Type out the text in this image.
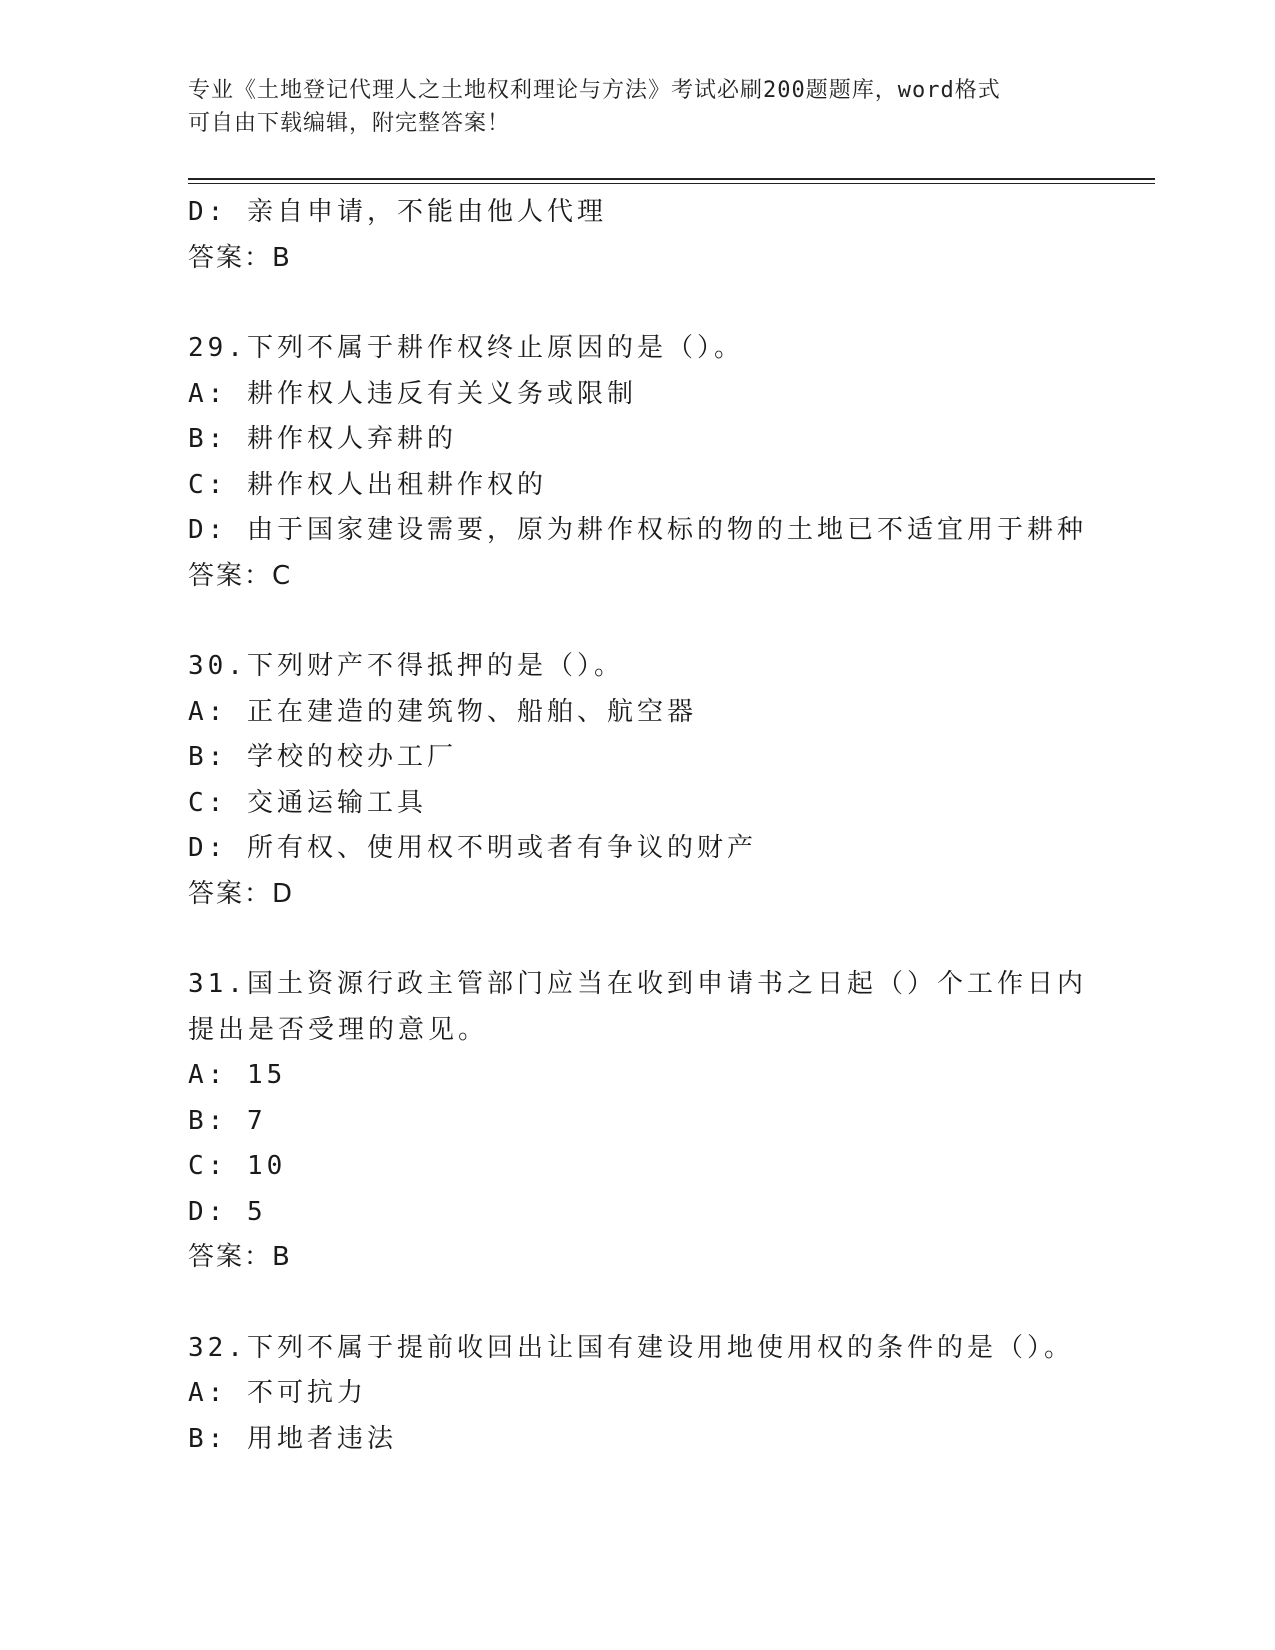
专业《土地登记代理人之土地权利理论与方法》考试必刷200题题库，word格式
可自由下载编辑，附完整答案！
D: 亲自申请，不能由他人代理
答案：B
29.下列不属于耕作权终止原因的是（）。
A: 耕作权人违反有关义务或限制
B: 耕作权人弃耕的
C: 耕作权人出租耕作权的
D: 由于国家建设需要，原为耕作权标的物的土地已不适宜用于耕种
答案：C
30.下列财产不得抵押的是（）。
A: 正在建造的建筑物、船舶、航空器
B: 学校的校办工厂
C: 交通运输工具
D: 所有权、使用权不明或者有争议的财产
答案：D
31.国土资源行政主管部门应当在收到申请书之日起（）个工作日内提出是否受理的意见。
A: 15
B: 7
C: 10
D: 5
答案：B
32.下列不属于提前收回出让国有建设用地使用权的条件的是（）。
A: 不可抗力
B: 用地者违法
